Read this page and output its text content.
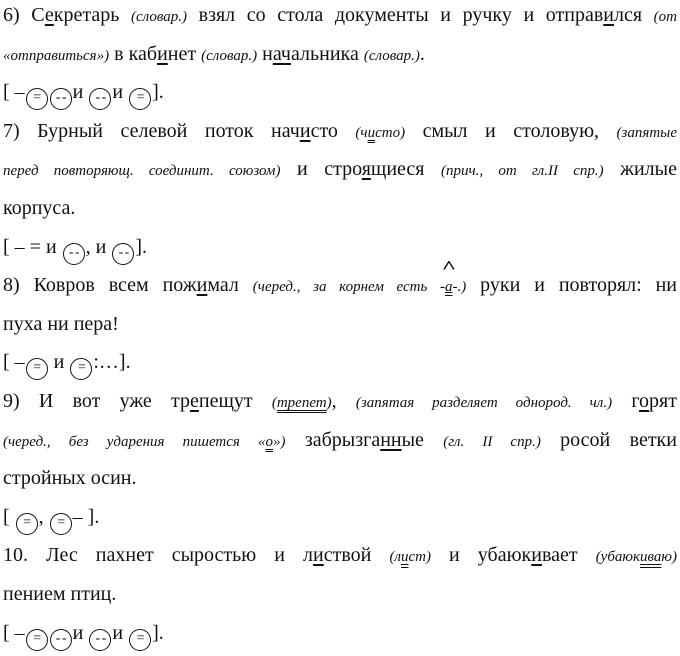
6) Секретарь (словар.) взял со стола документы и ручку и отправился (от
«отправиться») в кабинет (словар.) начальника (словар.).
[ – = - - и - - и = ].
7) Бурный селевой поток начисто (чисто) смыл и столовую, (запятые
перед повторяющ. соединит. союзом) и строящиеся (прич., от гл.II спр.) жилые
корпуса.
[ – = и - - , и - - ].
8) Ковров всем пожимал (черед., за корнем есть -^ а-.) руки и повторял: ни
пуха ни пера!
[ – = и = :…].
9) И вот уже трепещут (трепет), (запятая разделяет однород. чл.) горят
(черед., без ударения пишется «о») забрызганные (гл. II спр.) росой ветки
стройных осин.
[ = , = – ].
10. Лес пахнет сыростью и листвой (лист) и убаюкивает (убаюкиваю)
пением птиц.
[ – = - - и - - и = ].
